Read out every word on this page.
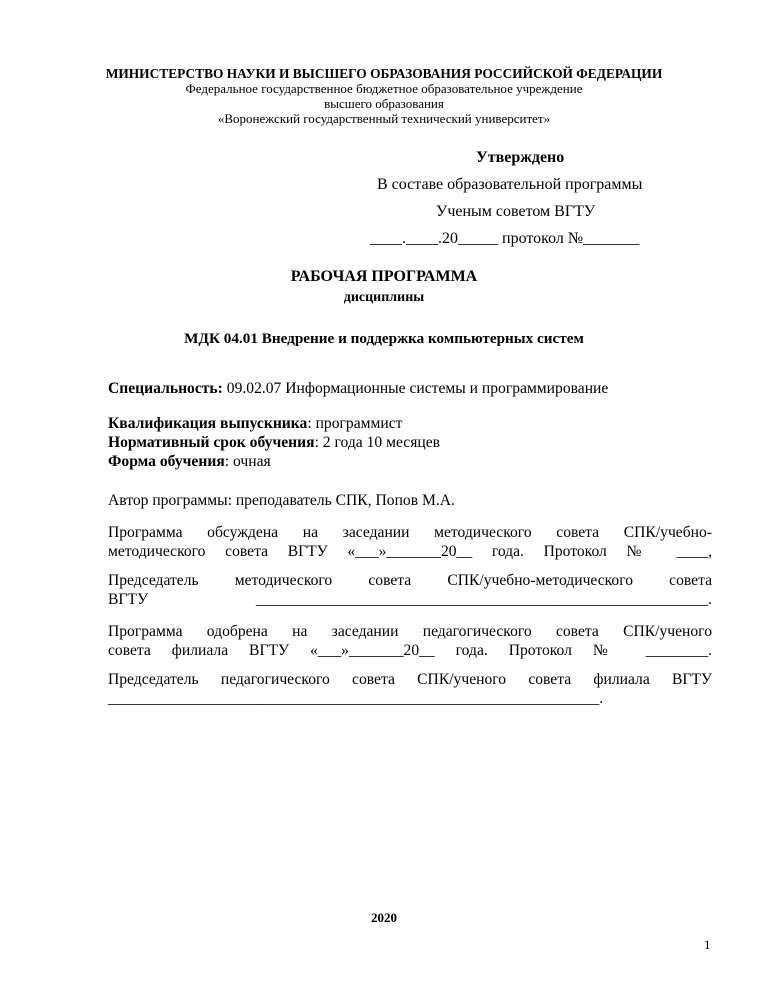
МИНИСТЕРСТВО НАУКИ И ВЫСШЕГО ОБРАЗОВАНИЯ РОССИЙСКОЙ ФЕДЕРАЦИИ
Федеральное государственное бюджетное образовательное учреждение
высшего образования
«Воронежский государственный технический университет»
Утверждено
В составе образовательной программы
Ученым советом ВГТУ
____.____.20_____ протокол №_______
РАБОЧАЯ ПРОГРАММА
дисциплины
МДК 04.01 Внедрение и поддержка компьютерных систем
Специальность: 09.02.07 Информационные системы и программирование
Квалификация выпускника: программист
Нормативный срок обучения: 2 года 10 месяцев
Форма обучения: очная
Автор программы: преподаватель СПК, Попов М.А.
Программа обсуждена на заседании методического совета СПК/учебно-
методического совета ВГТУ «___»_______20__ года. Протокол № ____,
Председатель методического совета СПК/учебно-методического совета
ВГТУ __________________________________________________________.
Программа одобрена на заседании педагогического совета СПК/ученого
совета филиала ВГТУ «___»_______20__ года. Протокол № ________.
Председатель педагогического совета СПК/ученого совета филиала ВГТУ
_______________________________________________________________.
2020
1
